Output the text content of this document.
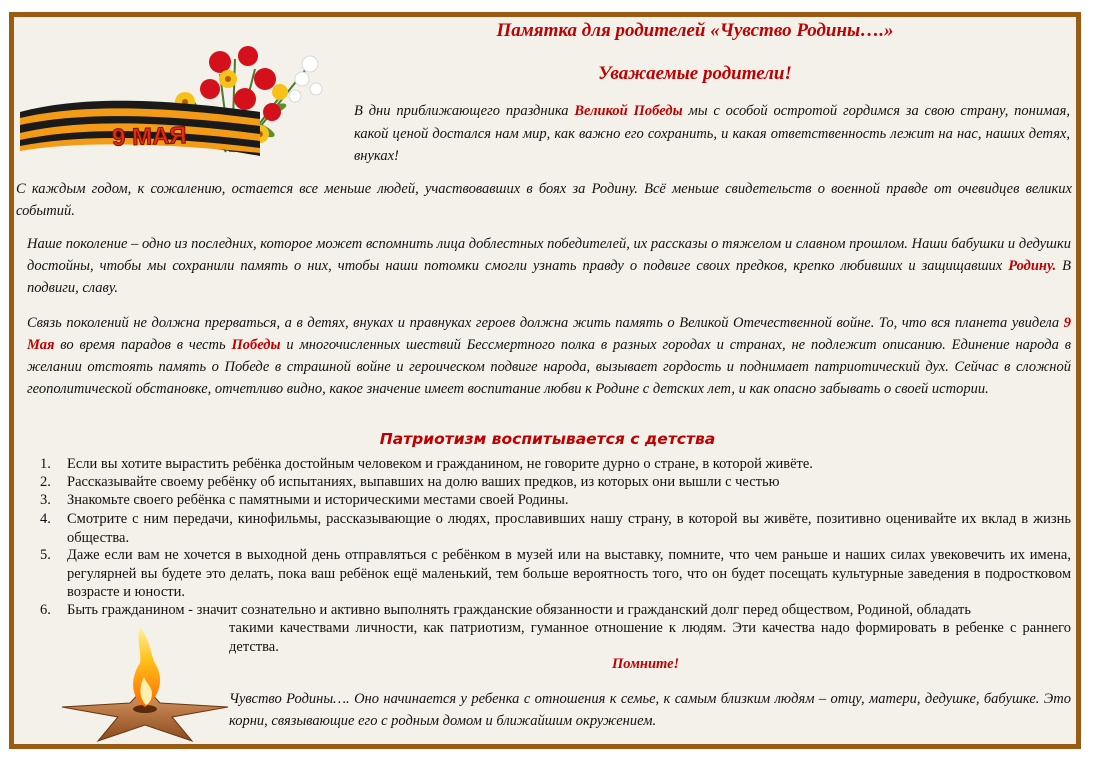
9 МАЯ
Памятка для родителей «Чувство Родины….»
Уважаемые родители!
В дни приближающего праздника Великой Победы мы с особой остротой гордимся за свою страну, понимая, какой ценой достался нам мир, как важно его сохранить, и какая ответственность лежит на нас, наших детях, внуках!
С каждым годом, к сожалению, остается все меньше людей, участвовавших в боях за Родину. Всё меньше свидетельств о военной правде от очевидцев великих событий.
Наше поколение – одно из последних, которое может вспомнить лица доблестных победителей, их рассказы о тяжелом и славном прошлом. Наши бабушки и дедушки достойны, чтобы мы сохранили память о них, чтобы наши потомки смогли узнать правду о подвиге своих предков, крепко любивших и защищавших Родину. В подвиги, славу.
Связь поколений не должна прерваться, а в детях, внуках и правнуках героев должна жить память о Великой Отечественной войне. То, что вся планета увидела 9 Мая во время парадов в честь Победы и многочисленных шествий Бессмертного полка в разных городах и странах, не подлежит описанию. Единение народа в желании отстоять память о Победе в страшной войне и героическом подвиге народа, вызывает гордость и поднимает патриотический дух. Сейчас в сложной геополитической обстановке, отчетливо видно, какое значение имеет воспитание любви к Родине с детских лет, и как опасно забывать о своей истории.
Патриотизм воспитывается с детства
1.	Если вы хотите вырастить ребёнка достойным человеком и гражданином, не говорите дурно о стране, в которой живёте.
2.	Рассказывайте своему ребёнку об испытаниях, выпавших на долю ваших предков, из которых они вышли с честью
3.	Знакомьте своего ребёнка с памятными и историческими местами своей Родины.
4.	Смотрите с ним передачи, кинофильмы, рассказывающие о людях, прославивших нашу страну, в которой вы живёте, позитивно оценивайте их вклад в жизнь общества.
5.	Даже если вам не хочется в выходной день отправляться с ребёнком в музей или на выставку, помните, что чем раньше и наших силах увековечить их имена, регулярней вы будете это делать, пока ваш ребёнок ещё маленький, тем больше вероятность того, что он будет посещать культурные заведения в подростковом возрасте и юности.
6.	Быть гражданином - значит сознательно и активно выполнять гражданские обязанности и гражданский долг перед обществом, Родиной, обладать
такими качествами личности, как патриотизм, гуманное отношение к людям. Эти качества надо формировать в ребенке с раннего детства.
Помните!
Чувство Родины…. Оно начинается у ребенка с отношения к семье, к самым близким людям – отцу, матери, дедушке, бабушке. Это корни, связывающие его с родным домом и ближайшим окружением.
